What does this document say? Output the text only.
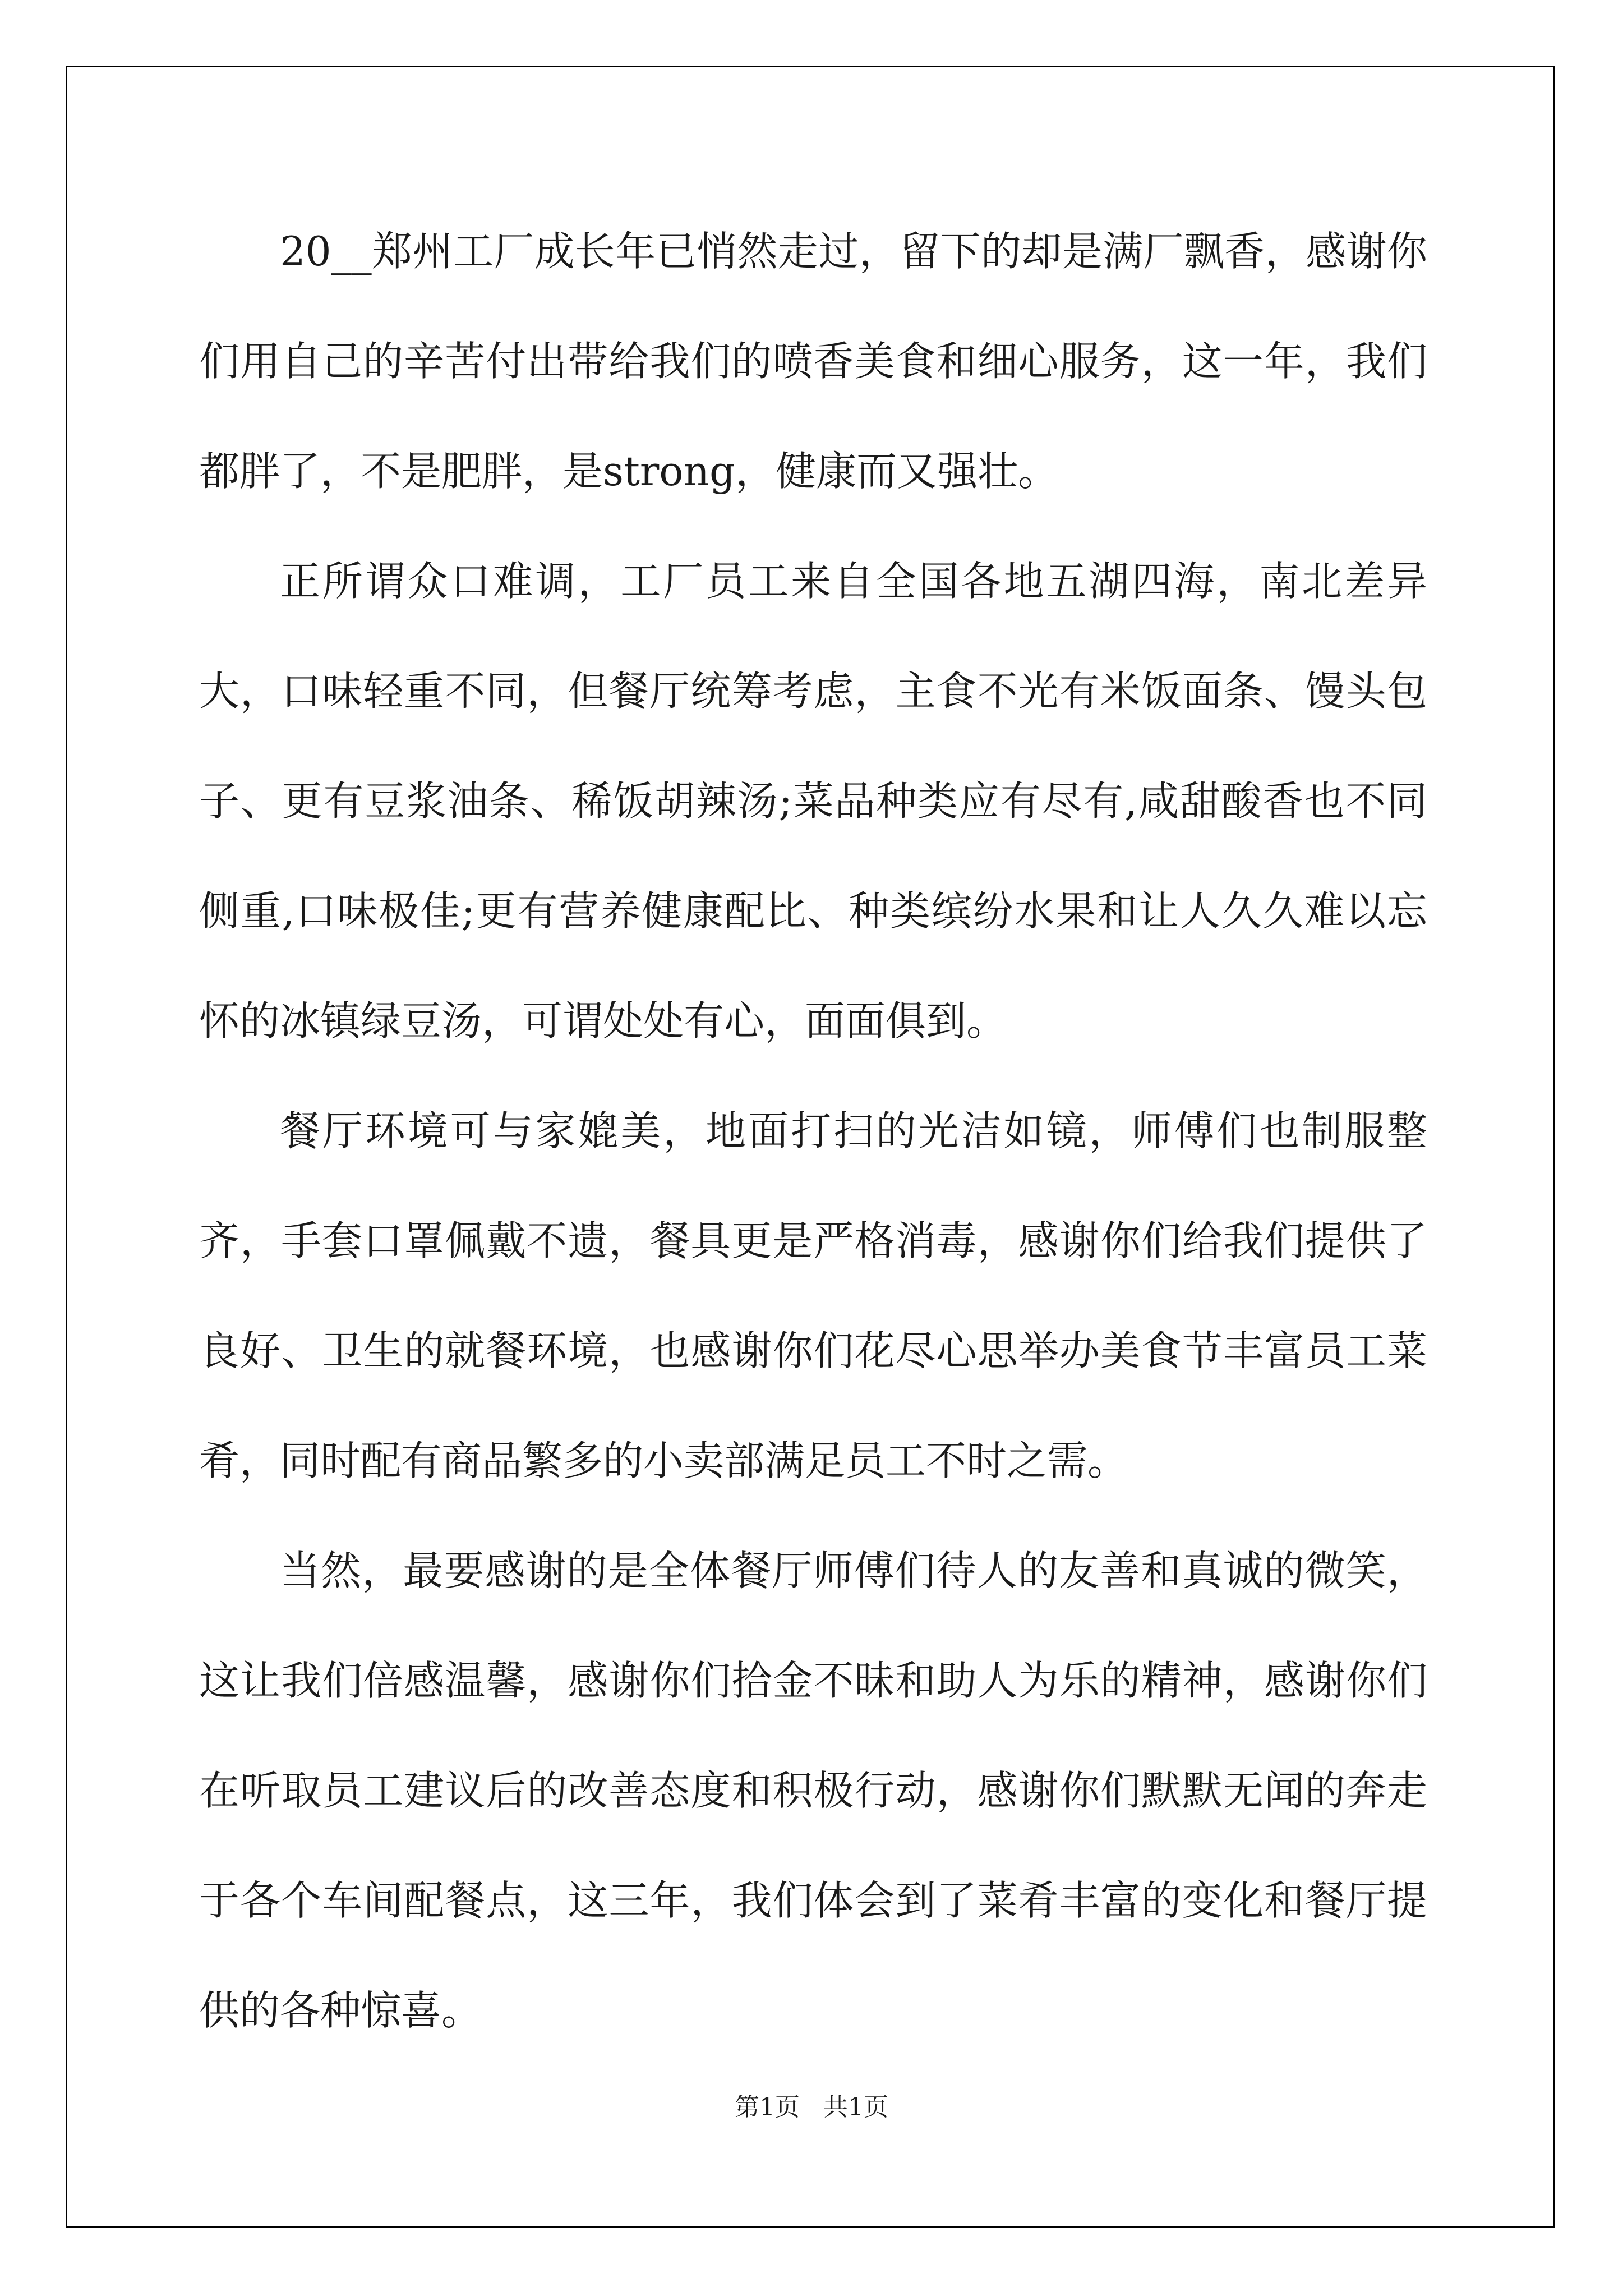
20__郑州工厂成长年已悄然走过，留下的却是满厂飘香，感谢你们用自己的辛苦付出带给我们的喷香美食和细心服务，这一年，我们都胖了，不是肥胖，是strong，健康而又强壮。

正所谓众口难调，工厂员工来自全国各地五湖四海，南北差异大，口味轻重不同，但餐厅统筹考虑，主食不光有米饭面条、馒头包子、更有豆浆油条、稀饭胡辣汤;菜品种类应有尽有,咸甜酸香也不同侧重,口味极佳;更有营养健康配比、种类缤纷水果和让人久久难以忘怀的冰镇绿豆汤，可谓处处有心，面面俱到。

餐厅环境可与家媲美，地面打扫的光洁如镜，师傅们也制服整齐，手套口罩佩戴不遗，餐具更是严格消毒，感谢你们给我们提供了良好、卫生的就餐环境，也感谢你们花尽心思举办美食节丰富员工菜肴，同时配有商品繁多的小卖部满足员工不时之需。

当然，最要感谢的是全体餐厅师傅们待人的友善和真诚的微笑，这让我们倍感温馨，感谢你们拾金不昧和助人为乐的精神，感谢你们在听取员工建议后的改善态度和积极行动，感谢你们默默无闻的奔走于各个车间配餐点，这三年，我们体会到了菜肴丰富的变化和餐厅提供的各种惊喜。

第1页   共1页
